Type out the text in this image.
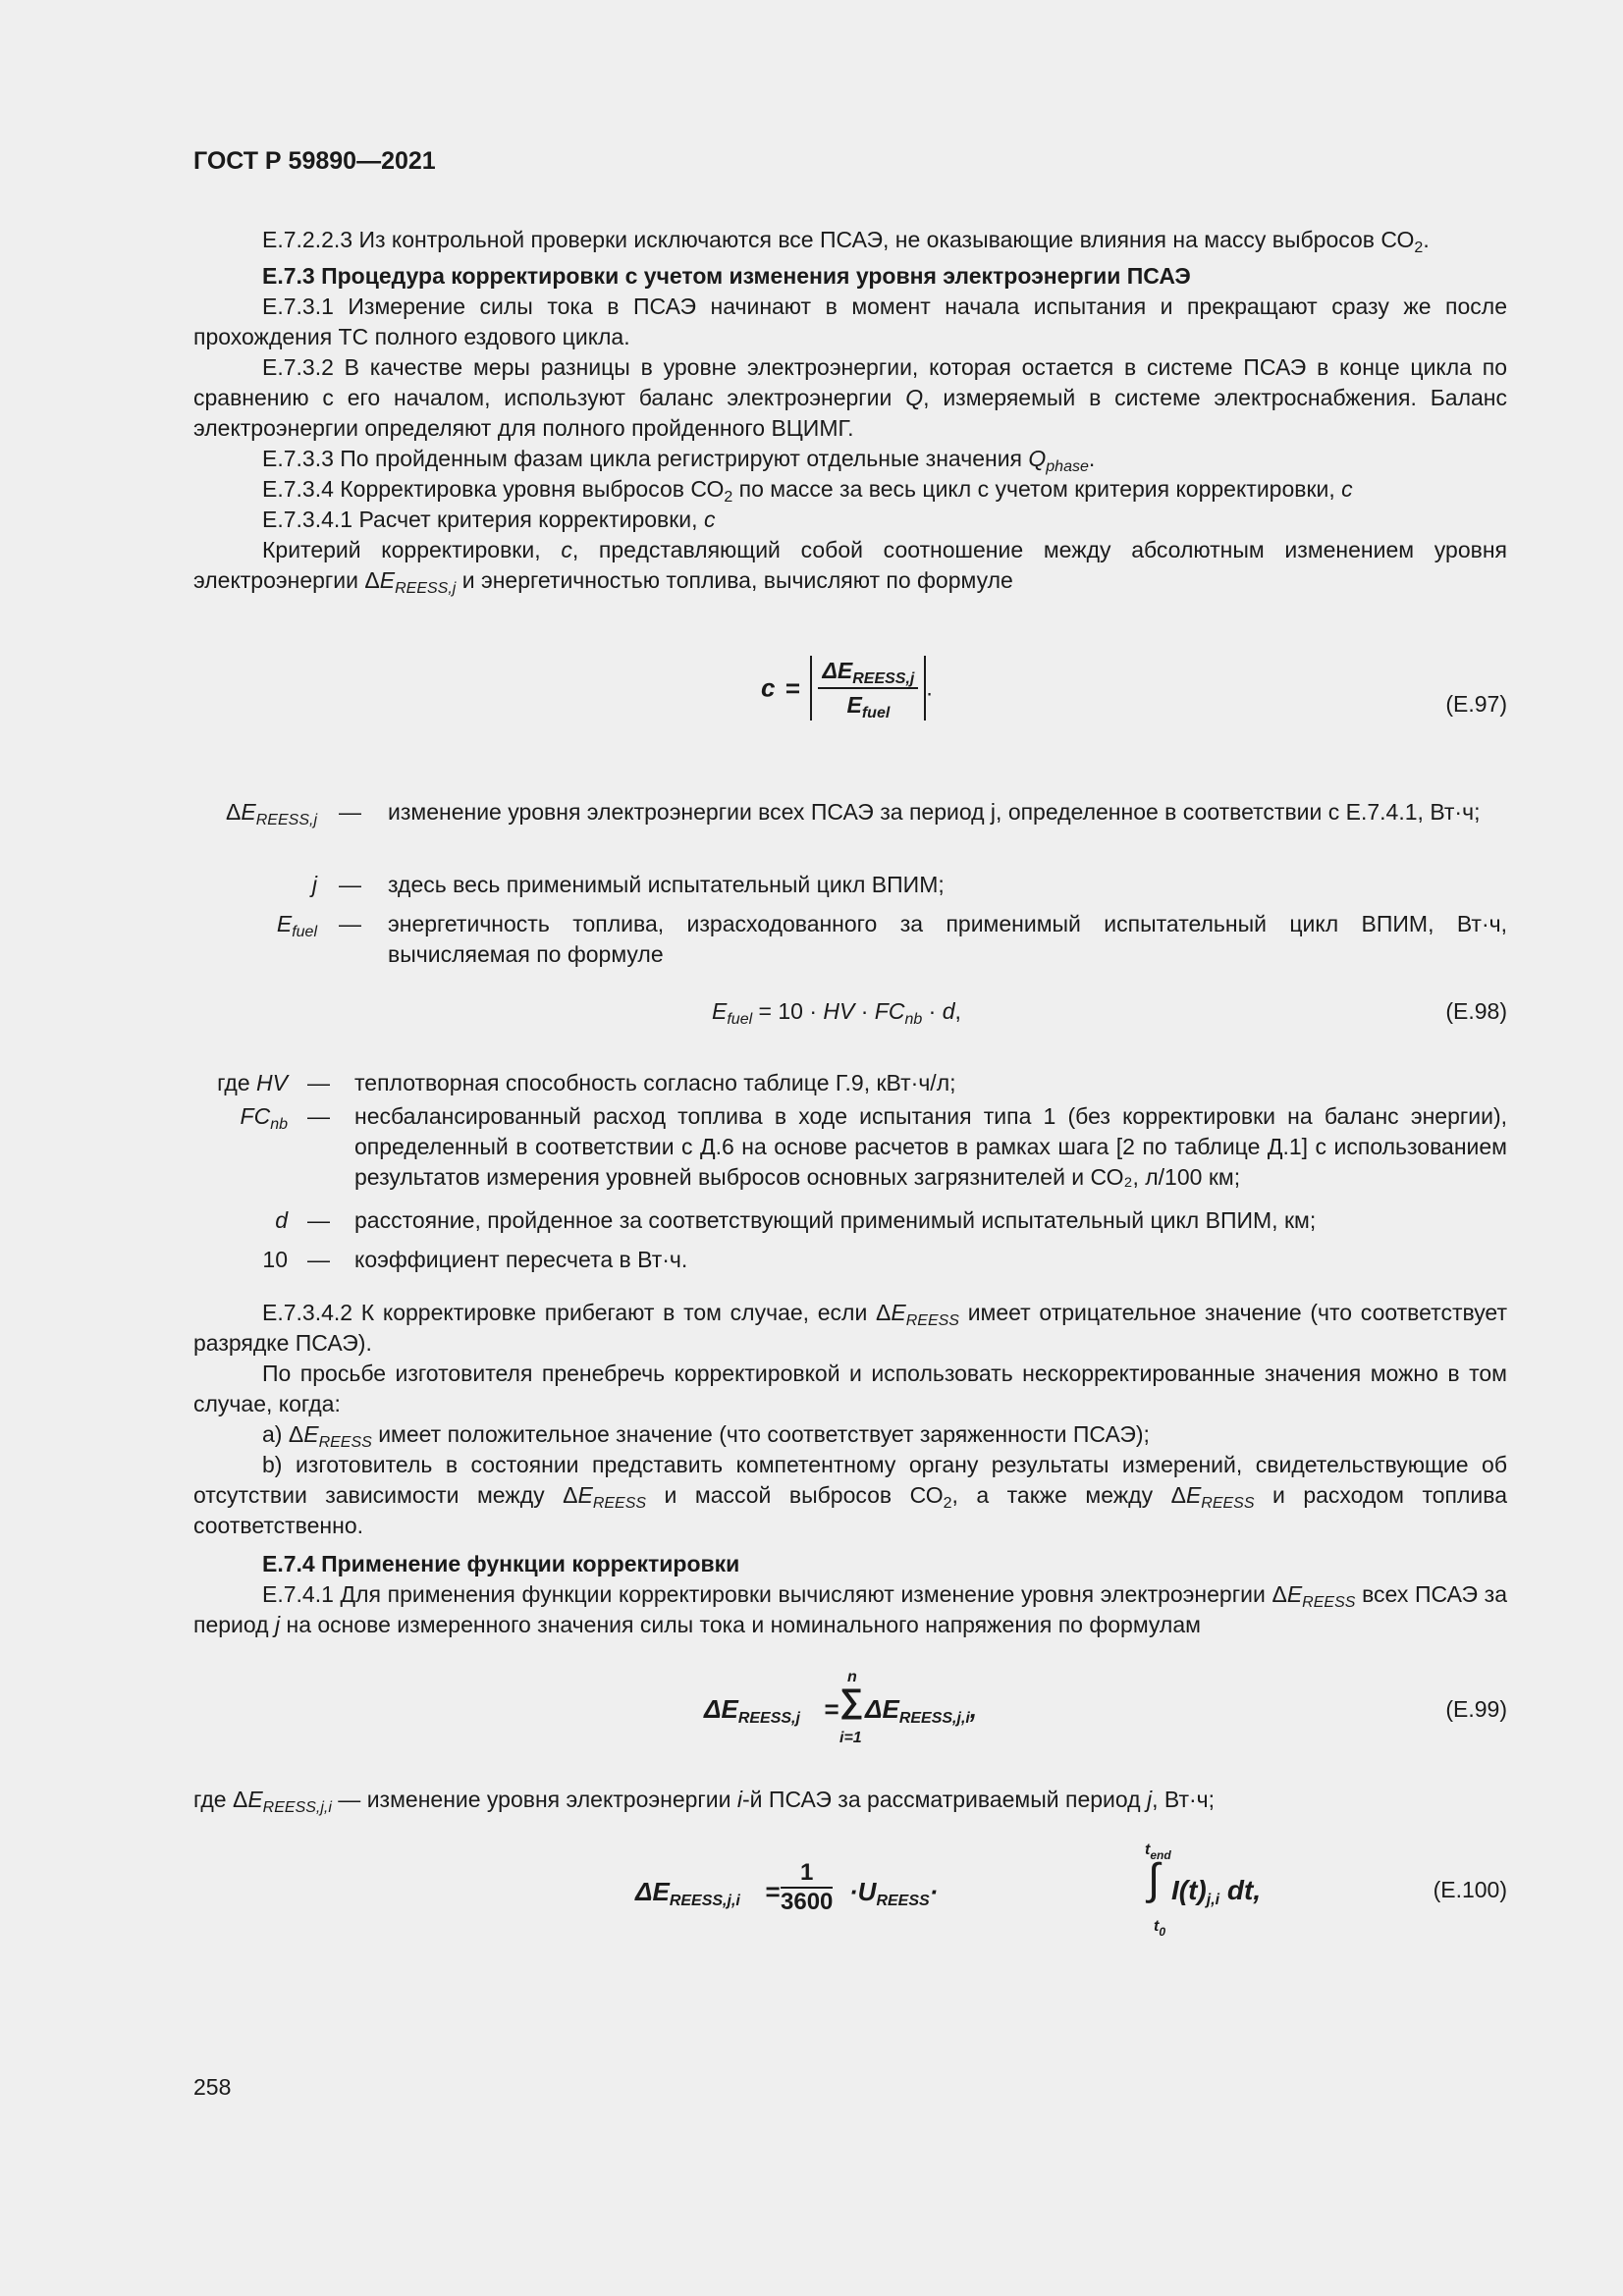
ГОСТ Р 59890—2021

Е.7.2.2.3 Из контрольной проверки исключаются все ПСАЭ, не оказывающие влияния на массу выбросов $СО_2$.

Е.7.3 Процедура корректировки с учетом изменения уровня электроэнергии ПСАЭ

Е.7.3.1 Измерение силы тока в ПСАЭ начинают в момент начала испытания и прекращают сразу же после прохождения ТС полного ездового цикла.

Е.7.3.2 В качестве меры разницы в уровне электроэнергии, которая остается в системе ПСАЭ в конце цикла по сравнению с его началом, используют баланс электроэнергии Q, измеряемый в системе электроснабжения. Баланс электроэнергии определяют для полного пройденного ВЦИМГ.

Е.7.3.3 По пройденным фазам цикла регистрируют отдельные значения $Q_{phase}$.

Е.7.3.4 Корректировка уровня выбросов $СО_2$ по массе за весь цикл с учетом критерия корректировки, c

Е.7.3.4.1 Расчет критерия корректировки, c

Критерий корректировки, c, представляющий собой соотношение между абсолютным изменением уровня электроэнергии $\Delta E_{REESS,j}$ и энергетичностью топлива, вычисляют по формуле

$c = \frac{\Delta E_{REESS,j}}{E_{fuel}}$ .
(Е.97)
$\Delta E_{REESS,j}$ — изменение уровня электроэнергии всех ПСАЭ за период j, определенное в соответствии с Е.7.4.1, Вт·ч;
j — здесь весь применимый испытательный цикл ВПИМ;
$E_{fuel}$ — энергетичность топлива, израсходованного за применимый испытательный цикл ВПИМ, Вт·ч, вычисляемая по формуле
$E_{fuel} = 10$ · HV · $FC_{nb} \cdot d$,	(Е.98)
где HV — теплотворная способность согласно таблице Г.9, кВт·ч/л;
$FC_{nb}$ — несбалансированный расход топлива в ходе испытания типа 1 (без корректировки на баланс энергии), определенный в соответствии с Д.6 на основе расчетов в рамках шага [2 по таблице Д.1] с использованием результатов измерения уровней выбросов основных загрязнителей и СО₂, л/100 км;
d — расстояние, пройденное за соответствующий применимый испытательный цикл ВПИМ, км;
10 — коэффициент пересчета в Вт·ч.

Е.7.3.4.2 К корректировке прибегают в том случае, если $\Delta E_{REESS}$ имеет отрицательное значение (что соответствует разрядке ПСАЭ).

По просьбе изготовителя пренебречь корректировкой и использовать нескорректированные значения можно в том случае, когда:

a) $\Delta E_{REESS}$ имеет положительное значение (что соответствует заряженности ПСАЭ);

b) изготовитель в состоянии представить компетентному органу результаты измерений, свидетельствующие об отсутствии зависимости между $\Delta E_{REESS}$ и массой выбросов $СО_2$, а также между $\Delta E_{REESS}$ и расходом топлива соответственно.

Е.7.4 Применение функции корректировки

Е.7.4.1 Для применения функции корректировки вычисляют изменение уровня электроэнергии $\Delta E_{REESS}$ всех ПСАЭ за период j на основе измеренного значения силы тока и номинального напряжения по формулам

$\Delta E_{REESS,j}$ =
n
∑
i=1
$\Delta E_{REESS,j,i}$,	(Е.99)

где $\Delta E_{REESS,j,i}$ — изменение уровня электроэнергии i-й ПСАЭ за рассматриваемый период j, Вт·ч;

$\Delta E_{REESS,j,i} = \frac{1}{3600} \cdot U_{REESS}\cdot$
$t_{end}$
∫
$t_0$
$I(t)_{j,i}$ dt,	(Е.100)
258
